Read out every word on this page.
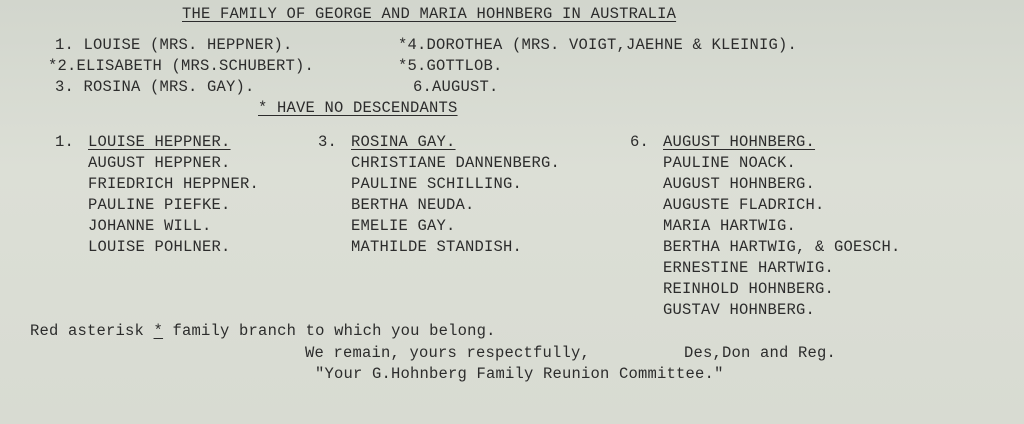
THE FAMILY OF GEORGE AND MARIA HOHNBERG IN AUSTRALIA
1. LOUISE (MRS. HEPPNER).
*2.ELISABETH (MRS.SCHUBERT).
3. ROSINA (MRS. GAY).
*4.DOROTHEA (MRS. VOIGT,JAEHNE & KLEINIG).
*5.GOTTLOB.
6.AUGUST.
* HAVE NO DESCENDANTS
1. LOUISE HEPPNER.
AUGUST HEPPNER.
FRIEDRICH HEPPNER.
PAULINE PIEFKE.
JOHANNE WILL.
LOUISE POHLNER.
3. ROSINA GAY.
CHRISTIANE DANNENBERG.
PAULINE SCHILLING.
BERTHA NEUDA.
EMELIE GAY.
MATHILDE STANDISH.
6. AUGUST HOHNBERG.
PAULINE NOACK.
AUGUST HOHNBERG.
AUGUSTE FLADRICH.
MARIA HARTWIG.
BERTHA HARTWIG, & GOESCH.
ERNESTINE HARTWIG.
REINHOLD HOHNBERG.
GUSTAV HOHNBERG.
Red asterisk * family branch to which you belong.
We remain, yours respectfully,	Des,Don and Reg.
"Your G.Hohnberg Family Reunion Committee."
